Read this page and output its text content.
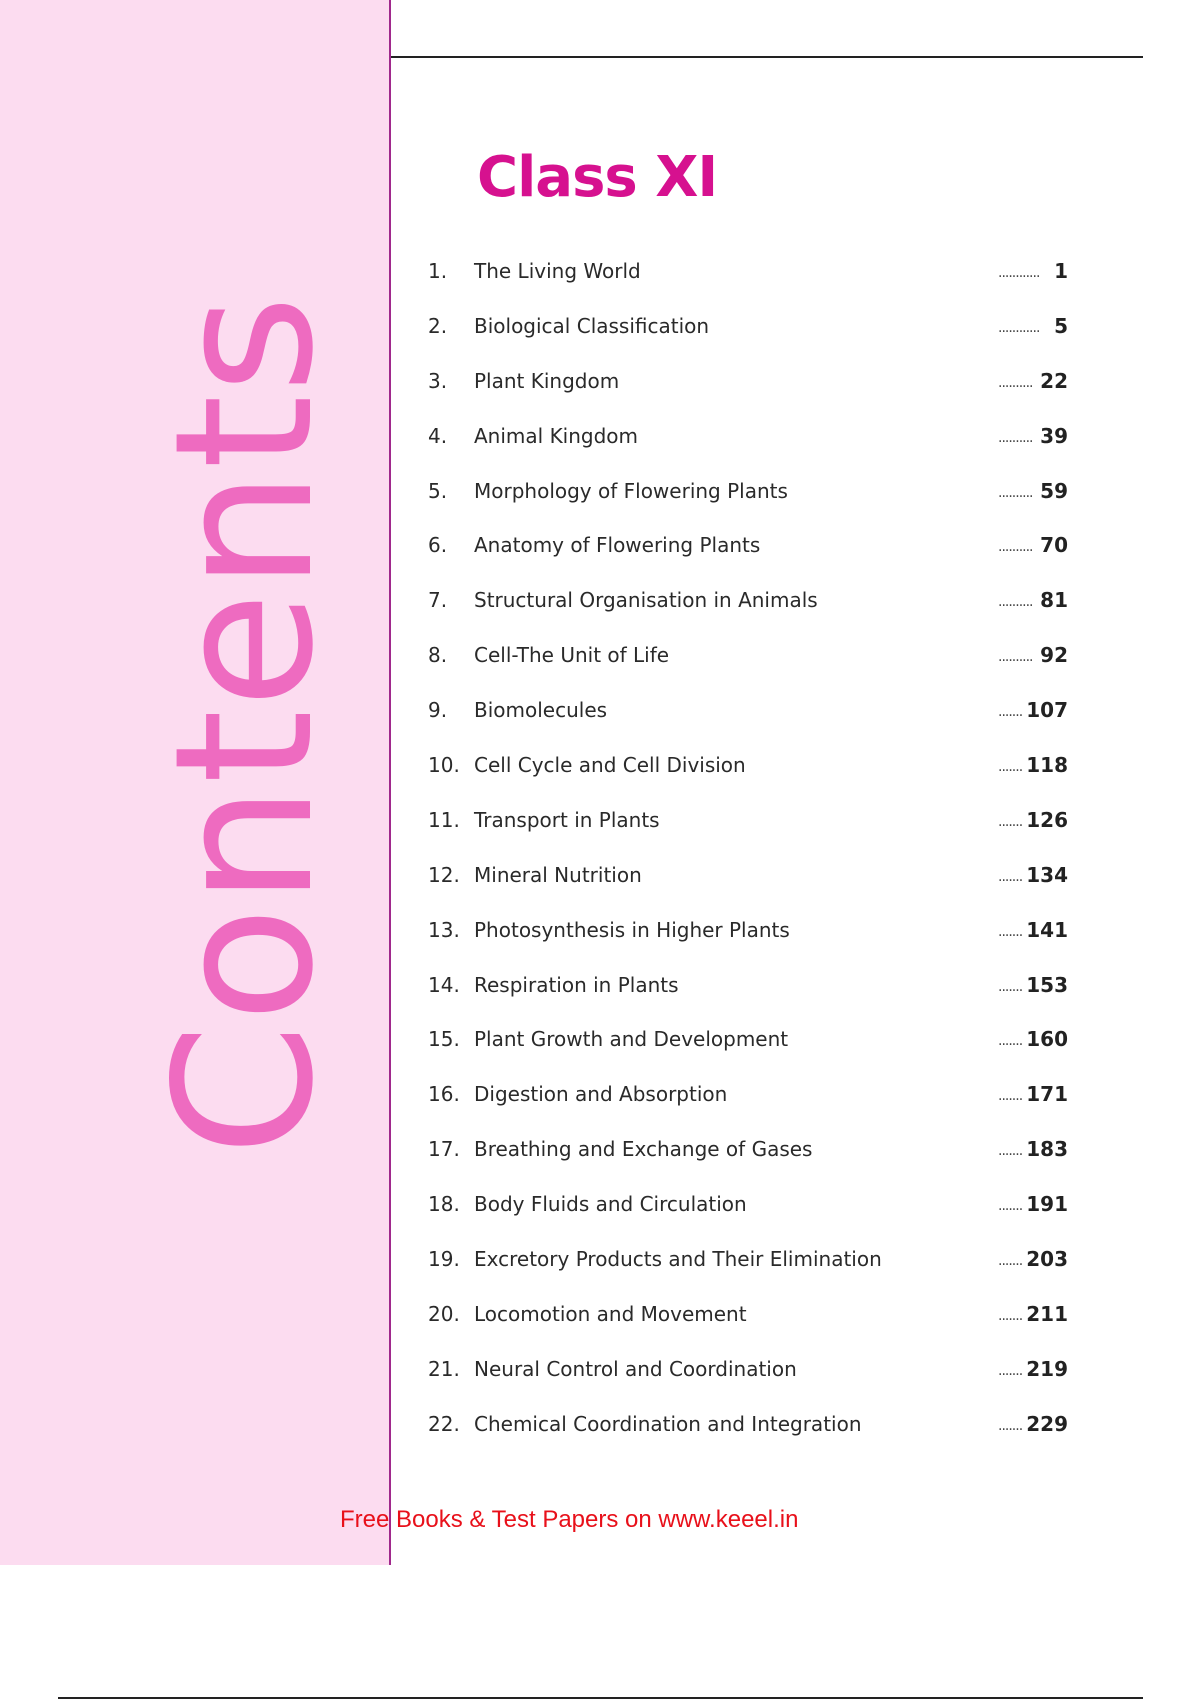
Contents
Class XI
1. The Living World	............ 1
2. Biological Classification	............ 5
3. Plant Kingdom	.......... 22
4. Animal Kingdom	.......... 39
5. Morphology of Flowering Plants	.......... 59
6. Anatomy of Flowering Plants	.......... 70
7. Structural Organisation in Animals	.......... 81
8. Cell-The Unit of Life	.......... 92
9. Biomolecules	....... 107
10. Cell Cycle and Cell Division	....... 118
11. Transport in Plants	....... 126
12. Mineral Nutrition	....... 134
13. Photosynthesis in Higher Plants	....... 141
14. Respiration in Plants	....... 153
15. Plant Growth and Development	....... 160
16. Digestion and Absorption	....... 171
17. Breathing and Exchange of Gases	....... 183
18. Body Fluids and Circulation	....... 191
19. Excretory Products and Their Elimination	....... 203
20. Locomotion and Movement	....... 211
21. Neural Control and Coordination	....... 219
22. Chemical Coordination and Integration	....... 229
Free Books & Test Papers on www.keeel.in
